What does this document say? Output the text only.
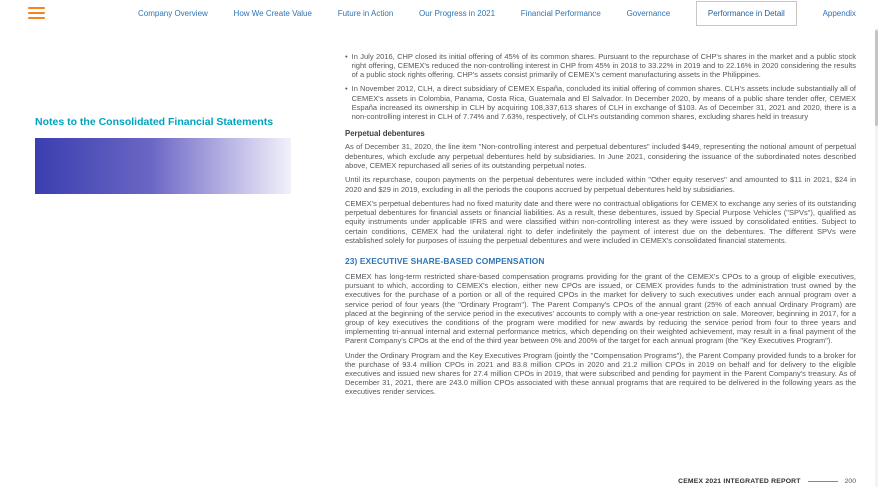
Company Overview	How We Create Value	Future in Action	Our Progress in 2021	Financial Performance	Governance	Performance in Detail	Appendix
Notes to the Consolidated Financial Statements
• In July 2016, CHP closed its initial offering of 45% of its common shares. Pursuant to the repurchase of CHP's shares in the market and a public stock right offering, CEMEX's reduced the non-controlling interest in CHP from 45% in 2018 to 33.22% in 2019 and to 22.16% in 2020 considering the results of a public stock rights offering. CHP's assets consist primarily of CEMEX's cement manufacturing assets in the Philippines.
• In November 2012, CLH, a direct subsidiary of CEMEX España, concluded its initial offering of common shares. CLH's assets include substantially all of CEMEX's assets in Colombia, Panama, Costa Rica, Guatemala and El Salvador. In December 2020, by means of a public share tender offer, CEMEX España increased its ownership in CLH by acquiring 108,337,613 shares of CLH in exchange of $103. As of December 31, 2021 and 2020, there is a non-controlling interest in CLH of 7.74% and 7.63%, respectively, of CLH's outstanding common shares, excluding shares held in treasury
Perpetual debentures

As of December 31, 2020, the line item "Non-controlling interest and perpetual debentures" included $449, representing the notional amount of perpetual debentures, which exclude any perpetual debentures held by subsidiaries. In June 2021, considering the issuance of the subordinated notes described above, CEMEX repurchased all series of its outstanding perpetual notes.

Until its repurchase, coupon payments on the perpetual debentures were included within "Other equity reserves" and amounted to $11 in 2021, $24 in 2020 and $29 in 2019, excluding in all the periods the coupons accrued by perpetual debentures held by subsidiaries.

CEMEX's perpetual debentures had no fixed maturity date and there were no contractual obligations for CEMEX to exchange any series of its outstanding perpetual debentures for financial assets or financial liabilities. As a result, these debentures, issued by Special Purpose Vehicles ("SPVs"), qualified as equity instruments under applicable IFRS and were classified within non-controlling interest as they were issued by consolidated entities. Subject to certain conditions, CEMEX had the unilateral right to defer indefinitely the payment of interest due on the debentures. The different SPVs were established solely for purposes of issuing the perpetual debentures and were included in CEMEX's consolidated financial statements.

23) EXECUTIVE SHARE-BASED COMPENSATION

CEMEX has long-term restricted share-based compensation programs providing for the grant of the CEMEX's CPOs to a group of eligible executives, pursuant to which, according to CEMEX's election, either new CPOs are issued, or CEMEX provides funds to the administration trust owned by the executives for the purchase of a portion or all of the required CPOs in the market for delivery to such executives under each annual program over a service period of four years (the "Ordinary Program"). The Parent Company's CPOs of the annual grant (25% of each annual Ordinary Program) are placed at the beginning of the service period in the executives' accounts to comply with a one-year restriction on sale. Moreover, beginning in 2017, for a group of key executives the conditions of the program were modified for new awards by reducing the service period from four to three years and implementing tri-annual internal and external performance metrics, which depending on their weighted achievement, may result in a final payment of the Parent Company's CPOs at the end of the third year between 0% and 200% of the target for each annual program (the "Key Executives Program").

Under the Ordinary Program and the Key Executives Program (jointly the "Compensation Programs"), the Parent Company provided funds to a broker for the purchase of 93.4 million CPOs in 2021 and 83.8 million CPOs in 2020 and 21.2 million CPOs in 2019 on behalf and for delivery to the eligible executives and issued new shares for 27.4 million CPOs in 2019, that were subscribed and pending for payment in the Parent Company's treasury. As of December 31, 2021, there are 243.0 million CPOs associated with these annual programs that are required to be delivered in the following years as the executives render services.

CEMEX 2021 INTEGRATED REPORT	200
